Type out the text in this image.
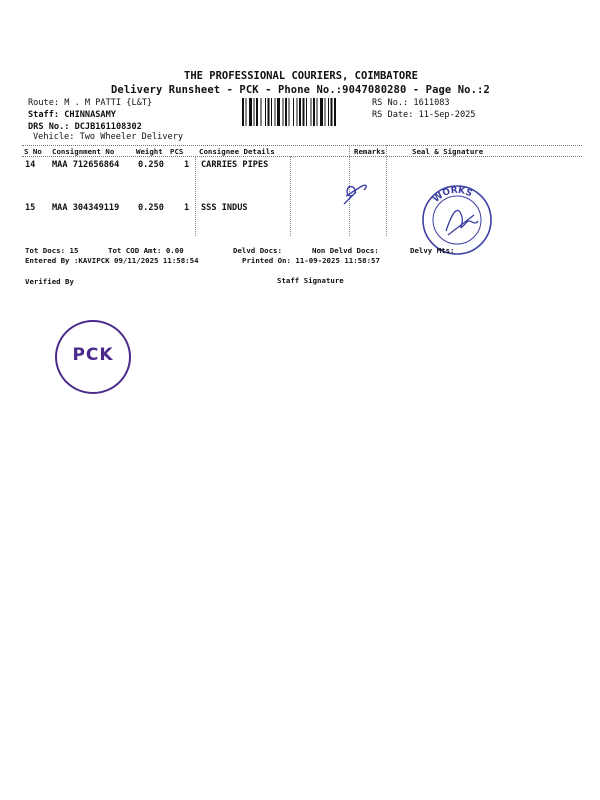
THE PROFESSIONAL COURIERS, COIMBATORE
Delivery Runsheet - PCK - Phone No.:9047080280 - Page No.:2
Route: M . M PATTI {L&T}
Staff: CHINNASAMY
DRS No.: DCJB161108302
Vehicle: Two Wheeler Delivery
RS No.: 1611083
RS Date: 11-Sep-2025
S No Consignment No	Weight PCS Consignee Details	Remarks	Seal & Signature
14 MAA 712656864 0.250 1 CARRIES PIPES
15 MAA 304349119 0.250 1 SSS INDUS
WORKS
Tot Docs: 15	Tot COD Amt: 0.00	Delvd Docs:	Non Delvd Docs:	Delvy Mts:
Entered By :KAVIPCK 09/11/2025 11:58:54	Printed On: 11-09-2025 11:58:57
Verified By	Staff Signature
PCK
